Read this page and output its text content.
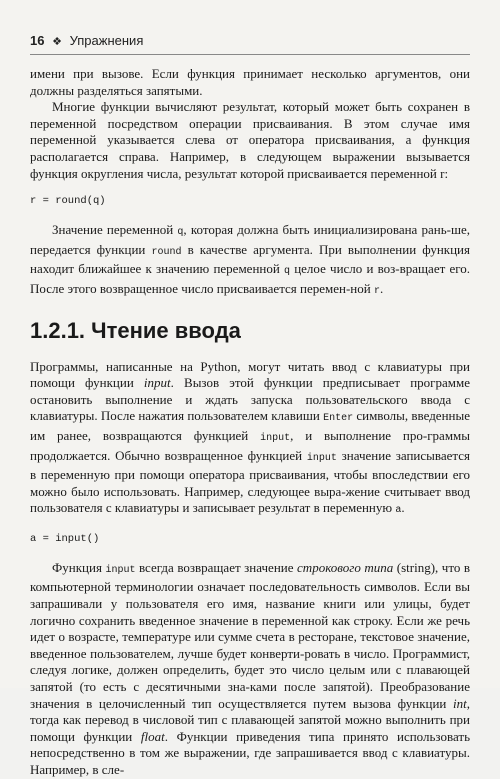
16 ❖ Упражнения

имени при вызове. Если функция принимает несколько аргументов, они должны разделяться запятыми.

Многие функции вычисляют результат, который может быть сохранен в переменной посредством операции присваивания. В этом случае имя переменной указывается слева от оператора присваивания, а функция располагается справа. Например, в следующем выражении вызывается функция округления числа, результат которой присваивается переменной r:

r = round(q)

Значение переменной q, которая должна быть инициализирована рань-ше, передается функции round в качестве аргумента. При выполнении функция находит ближайшее к значению переменной q целое число и воз-вращает его. После этого возвращенное число присваивается перемен-ной r.

1.2.1. Чтение ввода

Программы, написанные на Python, могут читать ввод с клавиатуры при помощи функции input. Вызов этой функции предписывает программе остановить выполнение и ждать запуска пользовательского ввода с клавиатуры. После нажатия пользователем клавиши Enter символы, введенные им ранее, возвращаются функцией input, и выполнение про-граммы продолжается. Обычно возвращенное функцией input значение записывается в переменную при помощи оператора присваивания, чтобы впоследствии его можно было использовать. Например, следующее выра-жение считывает ввод пользователя с клавиатуры и записывает результат в переменную a.

a = input()

Функция input всегда возвращает значение строкового типа (string), что в компьютерной терминологии означает последовательность символов. Если вы запрашивали у пользователя его имя, название книги или улицы, будет логично сохранить введенное значение в переменной как строку. Если же речь идет о возрасте, температуре или сумме счета в ресторане, текстовое значение, введенное пользователем, лучше будет конверти-ровать в число. Программист, следуя логике, должен определить, будет это число целым или с плавающей запятой (то есть с десятичными зна-ками после запятой). Преобразование значения в целочисленный тип осуществляется путем вызова функции int, тогда как перевод в числовой тип с плавающей запятой можно выполнить при помощи функции float. Функции приведения типа принято использовать непосредственно в том же выражении, где запрашивается ввод с клавиатуры. Например, в сле-
